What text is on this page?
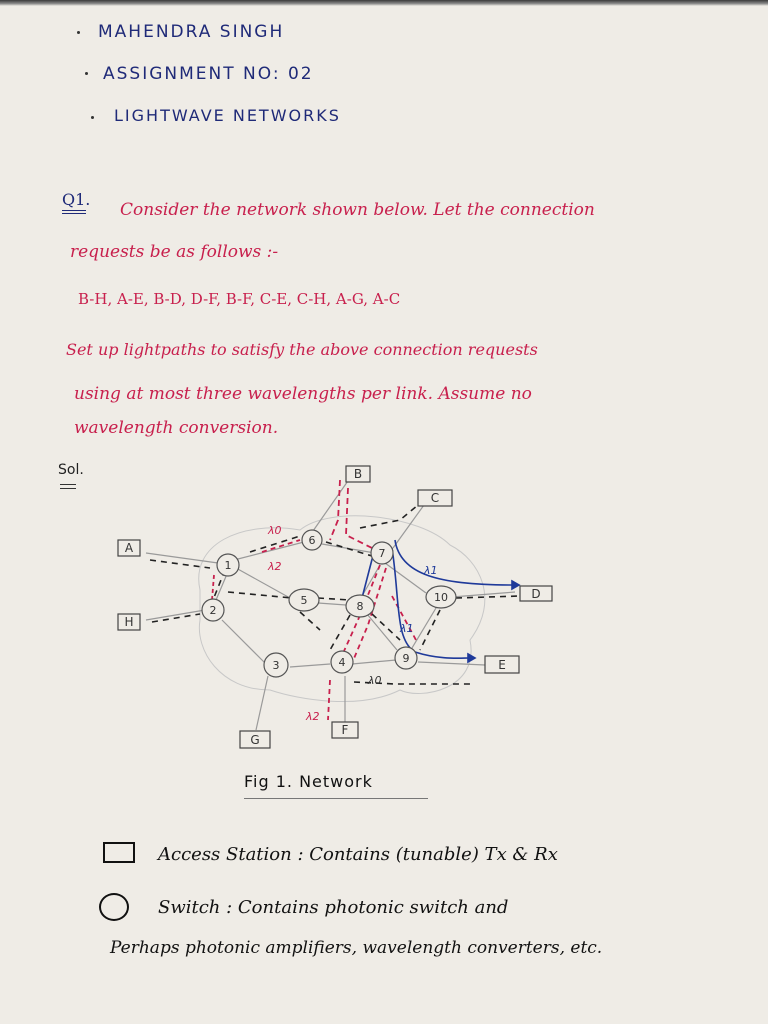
MAHENDRA SINGH
ASSIGNMENT NO: 02
LIGHTWAVE NETWORKS
Q1.
Consider the network shown below. Let the connection
requests be as follows :-
B-H, A-E, B-D, D-F, B-F, C-E, C-H, A-G, A-C
Set up lightpaths to satisfy the above connection requests
using at most three wavelengths per link. Assume no
wavelength conversion.
Sol.
1
2
3	4
5
6
7
8
9
10
A
B
C
D
E
F
G
H
λ0
λ2	λ1
λ1
λ0
λ2
Fig 1. Network
Access Station : Contains (tunable) Tx & Rx
Switch : Contains photonic switch and
Perhaps photonic amplifiers, wavelength converters, etc.
